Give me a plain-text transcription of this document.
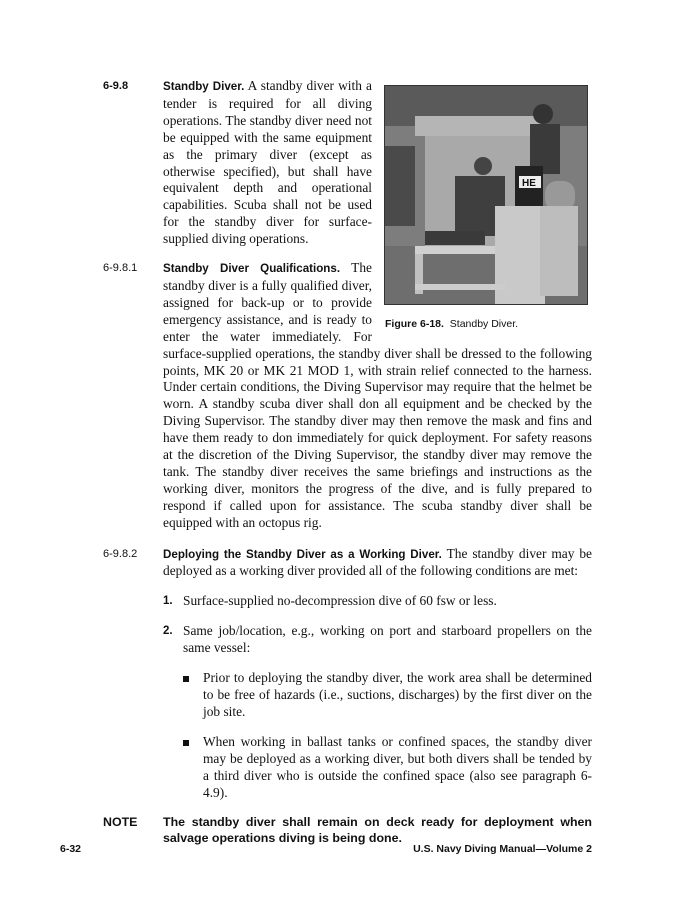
HE
Figure 6-18. Standby Diver.
6-9.8	Standby Diver. A standby diver with a tender is required for all diving operations. The standby diver need not be equipped with the same equipment as the primary diver (except as otherwise specified), but shall have equivalent depth and operational capabilities. Scuba shall not be used for the standby diver for surface-supplied diving operations.
6-9.8.1 Standby Diver Qualifications. The standby diver is a fully qualified diver, assigned for back-up or to provide emergency assistance, and is ready to enter the water immediately. For surface-supplied operations, the standby diver shall be dressed to the following points, MK 20 or MK 21 MOD 1, with strain relief connected to the harness. Under certain conditions, the Diving Supervisor may require that the helmet be worn. A standby scuba diver shall don all equipment and be checked by the Diving Supervisor. The standby diver may then remove the mask and fins and have them ready to don immediately for quick deployment. For safety reasons at the discretion of the Diving Supervisor, the standby diver may remove the tank. The standby diver receives the same briefings and instructions as the working diver, monitors the progress of the dive, and is fully prepared to respond if called upon for assistance. The scuba standby diver shall be equipped with an octopus rig.
6-9.8.2 Deploying the Standby Diver as a Working Diver. The standby diver may be deployed as a working diver provided all of the following conditions are met:
1. Surface-supplied no-decompression dive of 60 fsw or less.
2. Same job/location, e.g., working on port and starboard propellers on the same vessel:
Prior to deploying the standby diver, the work area shall be determined to be free of hazards (i.e., suctions, discharges) by the first diver on the job site.
When working in ballast tanks or confined spaces, the standby diver may be deployed as a working diver, but both divers shall be tended by a third diver who is outside the confined space (also see paragraph 6-4.9).
NOTE The standby diver shall remain on deck ready for deployment when salvage operations diving is being done.
6-32	U.S. Navy Diving Manual—Volume 2
